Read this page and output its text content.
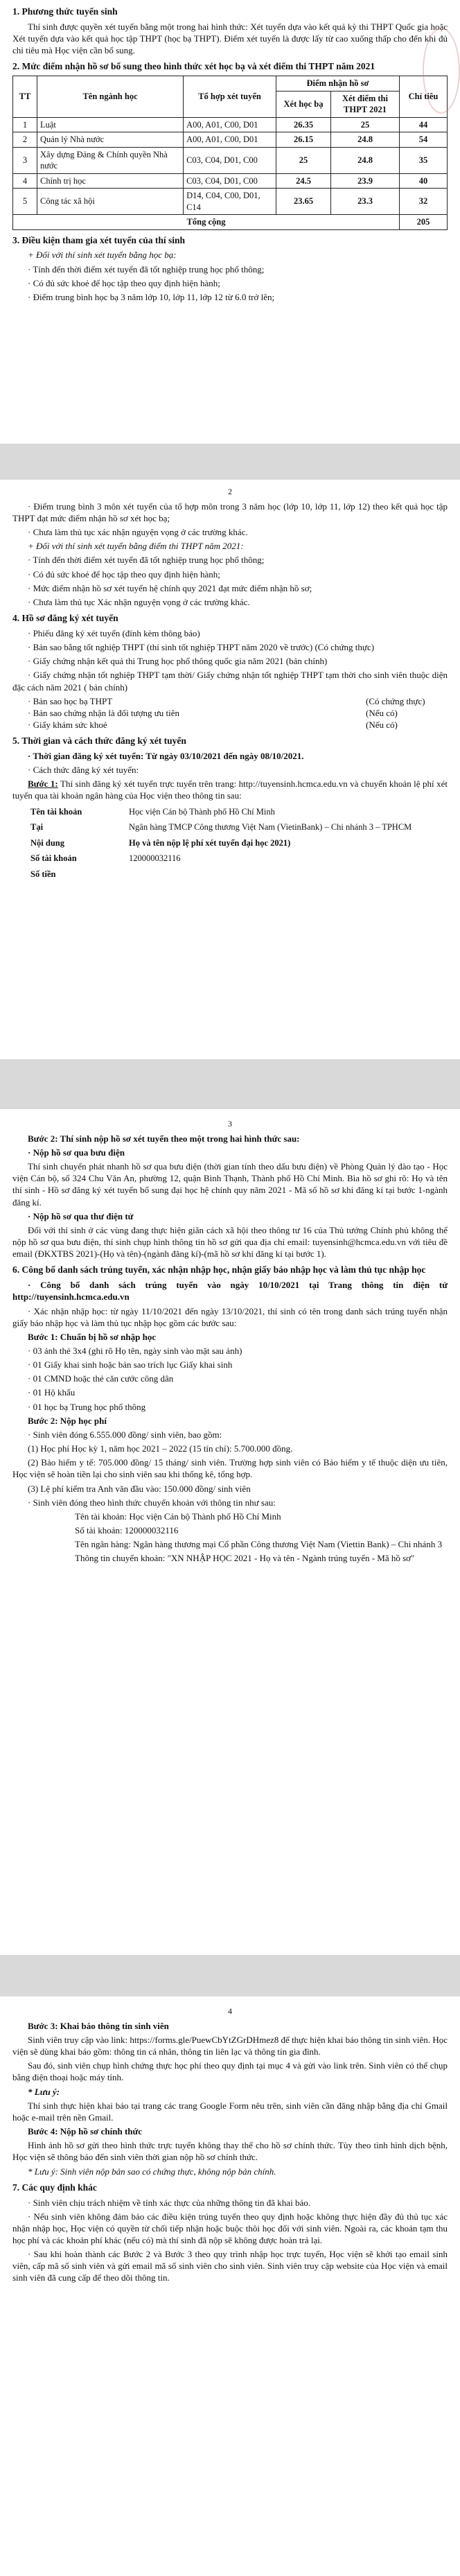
1. Phương thức tuyển sinh

Thí sinh được quyền xét tuyển bằng một trong hai hình thức: Xét tuyển dựa vào kết quả kỳ thi THPT Quốc gia hoặc Xét tuyển dựa vào kết quả học tập THPT (học bạ THPT). Điểm xét tuyển là được lấy từ cao xuống thấp cho đến khi đủ chỉ tiêu mà Học viện cần bổ sung.

2. Mức điểm nhận hồ sơ bổ sung theo hình thức xét học bạ và xét điểm thi THPT năm 2021
TT	Tên ngành học	Tổ hợp xét tuyển	Điểm nhận hồ sơ		Chỉ tiêu
			Xét học bạ	Xét điểm thi THPT 2021	
1	Luật	A00, A01, C00, D01	26.35	25	44
2	Quản lý Nhà nước	A00, A01, C00, D01	26.15	24.8	54
3	Xây dựng Đảng & Chính quyền Nhà nước	C03, C04, D01, C00	25	24.8	35
4	Chính trị học	C03, C04, D01, C00	24.5	23.9	40
5	Công tác xã hội	D14, C04, C00, D01, C14	23.65	23.3	32
Tổng cộng					205
3. Điều kiện tham gia xét tuyển của thí sinh

+ Đối với thí sinh xét tuyển bằng học bạ:

· Tính đến thời điểm xét tuyển đã tốt nghiệp trung học phổ thông;

· Có đủ sức khoẻ để học tập theo quy định hiện hành;

· Điểm trung bình học bạ 3 năm lớp 10, lớp 11, lớp 12 từ 6.0 trở lên;

2

· Điểm trung bình 3 môn xét tuyển của tổ hợp môn trong 3 năm học (lớp 10, lớp 11, lớp 12) theo kết quả học tập THPT đạt mức điểm nhận hồ sơ xét học bạ;

· Chưa làm thủ tục xác nhận nguyện vọng ở các trường khác.

+ Đối với thí sinh xét tuyển bằng điểm thi THPT năm 2021:

· Tính đến thời điểm xét tuyển đã tốt nghiệp trung học phổ thông;

· Có đủ sức khoẻ để học tập theo quy định hiện hành;

· Mức điểm nhận hồ sơ xét tuyển hệ chính quy 2021 đạt mức điểm nhận hồ sơ;

· Chưa làm thủ tục Xác nhận nguyện vọng ở các trường khác.

4. Hồ sơ đăng ký xét tuyển

· Phiếu đăng ký xét tuyển (đính kèm thông báo)

· Bản sao bằng tốt nghiệp THPT (thí sinh tốt nghiệp THPT năm 2020 về trước) (Có chứng thực)

· Giấy chứng nhận kết quả thi Trung học phổ thông quốc gia năm 2021 (bản chính)

· Giấy chứng nhận tốt nghiệp THPT tạm thời/ Giấy chứng nhận tốt nghiệp THPT tạm thời cho sinh viên thuộc diện đặc cách năm 2021 ( bản chính)

· Bản sao học bạ THPT	(Có chứng thực)
· Bản sao chứng nhận là đối tượng ưu tiên	(Nếu có)
· Giấy khám sức khoẻ	(Nếu có)
5. Thời gian và cách thức đăng ký xét tuyển

· Thời gian đăng ký xét tuyển: Từ ngày 03/10/2021 đến ngày 08/10/2021.

· Cách thức đăng ký xét tuyển:

Bước 1: Thí sinh đăng ký xét tuyển trực tuyến trên trang: http://tuyensinh.hcmca.edu.vn và chuyển khoản lệ phí xét tuyển qua tài khoản ngân hàng của Học viện theo thông tin sau:

Tên tài khoản	Học viện Cán bộ Thành phố Hồ Chí Minh
Tại	Ngân hàng TMCP Công thương Việt Nam (VietinBank) – Chi nhánh 3 – TPHCM
Nội dung	Họ và tên nộp lệ phí xét tuyển đại học 2021)
Số tài khoản	120000032116
Số tiền	
3

Bước 2: Thí sinh nộp hồ sơ xét tuyển theo một trong hai hình thức sau:

· Nộp hồ sơ qua bưu điện

Thí sinh chuyển phát nhanh hồ sơ qua bưu điện (thời gian tính theo dấu bưu điện) về Phòng Quản lý đào tạo - Học viện Cán bộ, số 324 Chu Văn An, phường 12, quận Bình Thạnh, Thành phố Hồ Chí Minh. Bìa hồ sơ ghi rõ: Họ và tên thí sinh - Hồ sơ đăng ký xét tuyển bổ sung đại học hệ chính quy năm 2021 - Mã số hồ sơ khi đăng kí tại bước 1-ngành đăng kí.

· Nộp hồ sơ qua thư điện tử

Đối với thí sinh ở các vùng đang thực hiện giãn cách xã hội theo thông tư 16 của Thủ tướng Chính phủ không thể nộp hồ sơ qua bưu điện, thí sinh chụp hình thông tin hồ sơ gửi qua địa chỉ email: tuyensinh@hcmca.edu.vn với tiêu đề email (ĐKXTBS 2021)-(Họ và tên)-(ngành đăng kí)-(mã hồ sơ khi đăng kí tại bước 1).

6. Công bố danh sách trúng tuyển, xác nhận nhập học, nhận giấy báo nhập học và làm thủ tục nhập học

· Công bố danh sách trúng tuyển vào ngày 10/10/2021 tại Trang thông tin điện tử http://tuyensinh.hcmca.edu.vn

· Xác nhận nhập học: từ ngày 11/10/2021 đến ngày 13/10/2021, thí sinh có tên trong danh sách trúng tuyển nhận giấy báo nhập học và làm thủ tục nhập học gồm các bước sau:

Bước 1: Chuẩn bị hồ sơ nhập học

· 03 ảnh thẻ 3x4 (ghi rõ Họ tên, ngày sinh vào mặt sau ảnh)

· 01 Giấy khai sinh hoặc bản sao trích lục Giấy khai sinh

· 01 CMND hoặc thẻ căn cước công dân

· 01 Hộ khẩu

· 01 học bạ Trung học phổ thông

Bước 2: Nộp học phí

· Sinh viên đóng 6.555.000 đồng/ sinh viên, bao gồm:

(1) Học phí Học kỳ 1, năm học 2021 – 2022 (15 tín chỉ): 5.700.000 đồng.

(2) Bảo hiểm y tế: 705.000 đồng/ 15 tháng/ sinh viên. Trường hợp sinh viên có Bảo hiểm y tế thuộc diện ưu tiên, Học viện sẽ hoàn tiền lại cho sinh viên sau khi thống kê, tổng hợp.

(3) Lệ phí kiểm tra Anh văn đầu vào: 150.000 đồng/ sinh viên

· Sinh viên đóng theo hình thức chuyển khoản với thông tin như sau:

Tên tài khoản: Học viện Cán bộ Thành phố Hồ Chí Minh

Số tài khoản: 120000032116

Tên ngân hàng: Ngân hàng thương mại Cổ phần Công thương Việt Nam (Viettin Bank) – Chi nhánh 3

Thông tin chuyển khoản: "XN NHẬP HỌC 2021 - Họ và tên - Ngành trúng tuyển - Mã hồ sơ"

4

Bước 3: Khai báo thông tin sinh viên

Sinh viên truy cập vào link: https://forms.gle/PuewCbYtZGrDHmez8 để thực hiện khai báo thông tin sinh viên. Học viện sẽ dùng khai báo gồm: thông tin cá nhân, thông tin liên lạc và thông tin gia đình.

Sau đó, sinh viên chụp hình chứng thực học phí theo quy định tại mục 4 và gửi vào link trên. Sinh viên có thể chụp bằng điện thoại hoặc máy tính.

* Lưu ý:

Thí sinh thực hiện khai báo tại trang các trang Google Form nêu trên, sinh viên cần đăng nhập bằng địa chỉ Gmail hoặc e-mail trên nền Gmail.

Bước 4: Nộp hồ sơ chính thức

Hình ảnh hồ sơ gửi theo hình thức trực tuyến không thay thế cho hồ sơ chính thức. Tùy theo tình hình dịch bệnh, Học viện sẽ thông báo đến sinh viên thời gian nộp hồ sơ chính thức.

* Lưu ý: Sinh viên nộp bản sao có chứng thực, không nộp bản chính.

7. Các quy định khác

· Sinh viên chịu trách nhiệm về tính xác thực của những thông tin đã khai báo.

· Nếu sinh viên không đảm bảo các điều kiện trúng tuyển theo quy định hoặc không thực hiện đầy đủ thủ tục xác nhận nhập học, Học viện có quyền từ chối tiếp nhận hoặc buộc thôi học đối với sinh viên. Ngoài ra, các khoản tạm thu học phí và các khoản phí khác (nếu có) mà thí sinh đã nộp sẽ không được hoàn trả lại.

· Sau khi hoàn thành các Bước 2 và Bước 3 theo quy trình nhập học trực tuyến, Học viện sẽ khởi tạo email sinh viên, cấp mã số sinh viên và gửi email mã số sinh viên cho sinh viên. Sinh viên truy cập website của Học viện và email sinh viên đã cung cấp để theo dõi thông tin.
